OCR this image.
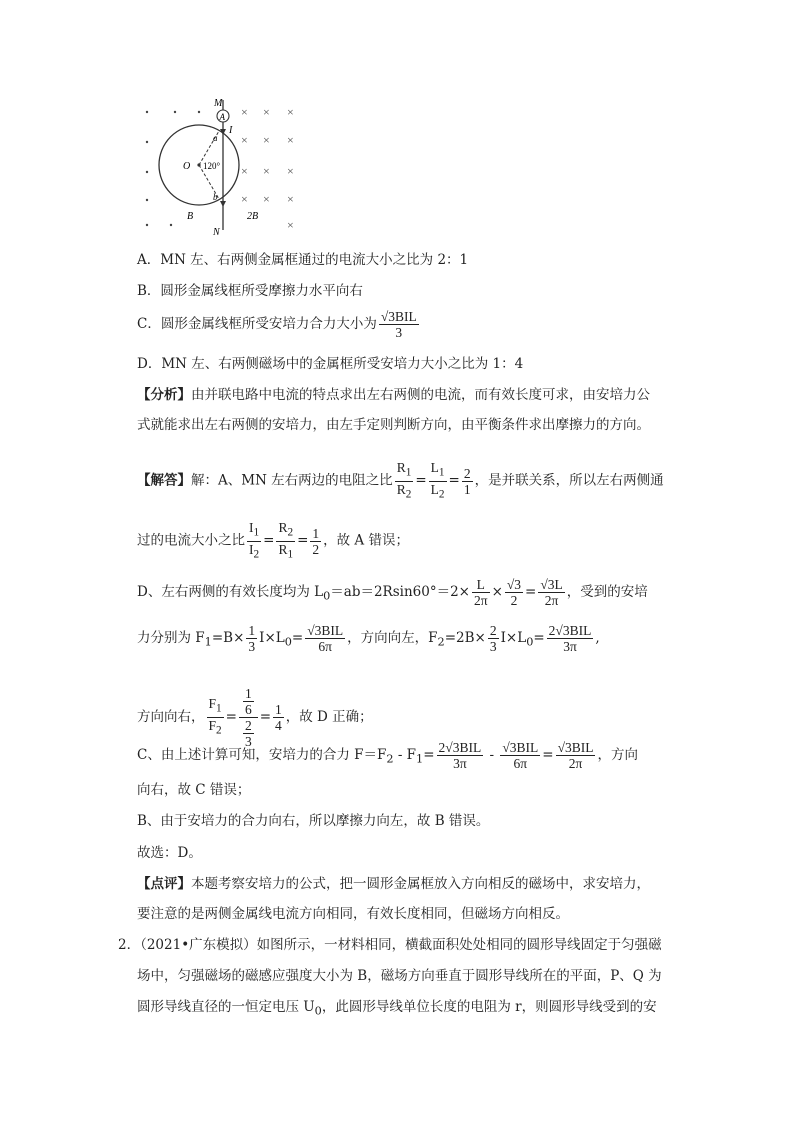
× × ×
× × ×
× × ×
× × ×
×
A
M
I
a
b
O 120°
B	2B
N
A．MN 左、右两侧金属框通过的电流大小之比为 2：1
B．圆形金属线框所受摩擦力水平向右
C．圆形金属线框所受安培力合力大小为 $\frac{\text{√3BIL}}{3}$
D．MN 左、右两侧磁场中的金属框所受安培力大小之比为 1：4
【分析】由并联电路中电流的特点求出左右两侧的电流，而有效长度可求，由安培力公
式就能求出左右两侧的安培力，由左手定则判断方向，由平衡条件求出摩擦力的方向。
【解答】解：A、MN 左右两边的电阻之比 $\frac{R_1}{R_2} = \frac{L_1}{L_2} = \frac{2}{1}$ ，是并联关系，所以左右两侧通
过的电流大小之比 $\frac{I_1}{I_2} = \frac{R_2}{R_1} = \frac{1}{2}$ ，故 A 错误；
D、左右两侧的有效长度均为 $L_0=ab=2Rsin60^\circ=2\times \frac{L}{2\pi} \times \frac{√3}{2} = \frac{√3L}{2\pi}$ ，受到的安培
力分别为 $F_1=B\times \frac{1}{3} I\times L_0= \frac{\text{√3BIL}}{6\pi}$ ，方向向左，$F_2=2B\times \frac{2}{3} I\times L_0= \frac{\text{2√3BIL}}{3\pi}$ ,
方向向右， $\frac{F_1}{F_2} = \frac{\frac{1}{6}}{\frac{2}{3}} = \frac{1}{4}$ ，故 D 正确；
C、由上述计算可知，安培力的合力 $F=F_2 - F_1= \frac{\text{2√3BIL}}{3\pi} - \frac{\text{√3BIL}}{6\pi} = \frac{\text{√3BIL}}{2\pi}$ ，方向
向右，故 C 错误；
B、由于安培力的合力向右，所以摩擦力向左，故 B 错误。
故选：D。
【点评】本题考察安培力的公式，把一圆形金属框放入方向相反的磁场中，求安培力，
要注意的是两侧金属线电流方向相同，有效长度相同，但磁场方向相反。
2．（2021•广东模拟）如图所示，一材料相同，横截面积处处相同的圆形导线固定于匀强磁
场中，匀强磁场的磁感应强度大小为 B，磁场方向垂直于圆形导线所在的平面，P、Q 为
圆形导线直径的一恒定电压 $U_0$，此圆形导线单位长度的电阻为 r，则圆形导线受到的安
